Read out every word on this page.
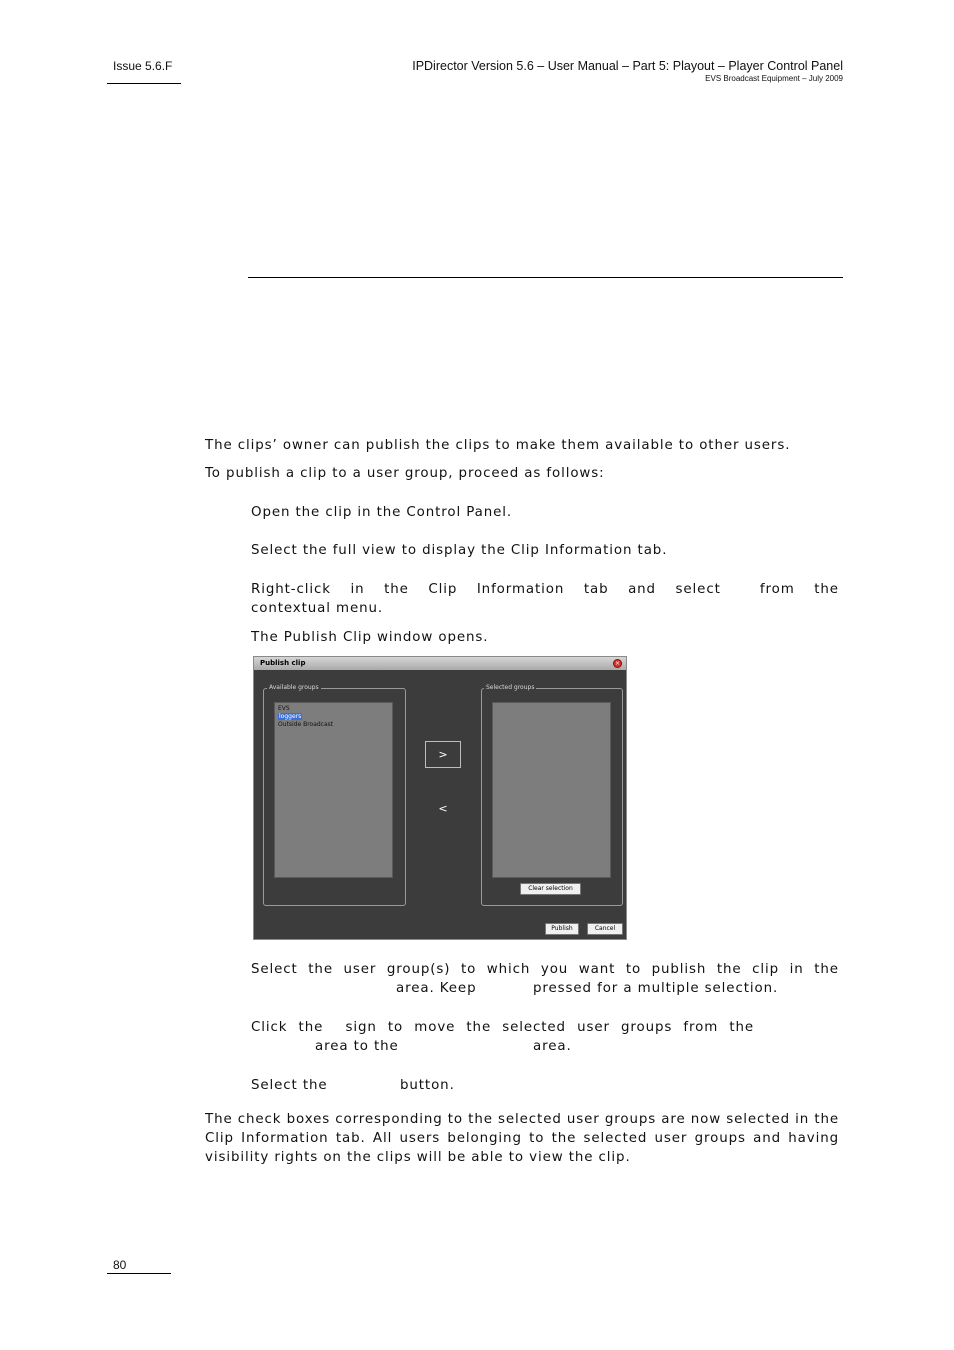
Issue 5.6.F	IPDirector Version 5.6 – User Manual – Part 5: Playout – Player Control Panel
EVS Broadcast Equipment – July 2009
The clips’ owner can publish the clips to make them available to other users.
To publish a clip to a user group, proceed as follows:
Open the clip in the Control Panel.
Select the full view to display the Clip Information tab.
Right-click in the Clip Information tab and select	from the
contextual menu.
The Publish Clip window opens.
Publish clip	×
Available groups
EVS
loggers
Outside Broadcast
Selected groups
>
<
Clear selection
Publish	Cancel
Select the user group(s) to which you want to publish the clip in the
area. Keep	pressed for a multiple selection.
Click the sign to move the selected user groups from the
area to the	area.
Select the	button.
The check boxes corresponding to the selected user groups are now selected in the Clip Information tab. All users belonging to the selected user groups and having visibility rights on the clips will be able to view the clip.
80
